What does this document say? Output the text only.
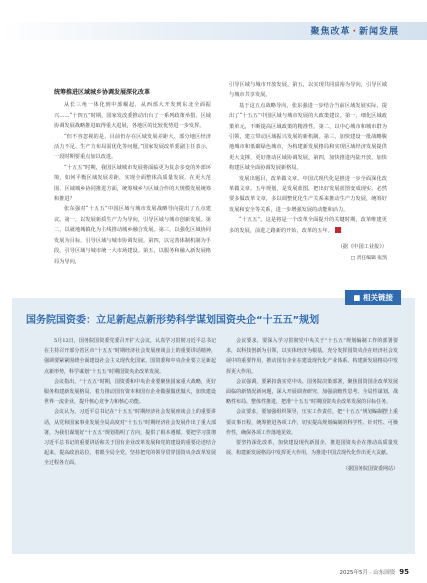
聚焦改革 · 新闻发展

统筹推进区域城乡协调发展深化改革

从长三角一体化到中部崛起，从西部大开发到东北全面振兴……“十四五”时期，国家发改委推动出台了一系列政策举措，区域协调发展战略推进取得重大进展，各地区的比较优势进一步发挥。

“但不容忽视的是，目前仍存在区域发展差距大、部分地区经济活力不足、生产力布局需优化等问题。”国家发展改革委副主任表示，一段时期要重点加以改进。

“十五五”时期，我国区域城市发展将面临更为复杂多变的外部环境，如何平衡区域发展差距，实现全面整体高质量发展，在更大范围、区域城乡协同推进方面，统筹城乡与区域合作的大规模发展统筹和推进？

张东强对“十五五”中国区域与城市发展战略导向提出了五点建议。第一，以发展新质生产力为导向，引导区域与城市创新发展。第二，以就地城镇化为主线推动城乡融合发展。第三，以强化区域协同发展为目标，引导区域与城市协调发展。第四，以完善体制机制为手段，引导区域与城市统一大市场建设。第五，以服务和融入新发展格局为导向，

引导区域与城市开放发展。第五，以实现共同富裕为导向，引导区域与城市共享发展。

基于这五点战略导向，张东强进一步结合当前区域发展实际，提出了“十五五”中国区域与城市发展的大政策建议。第一，细化区域政策单元，不断提高区域政策的精准性。第二，以中心城市和城市群为引领，建立带动区域振兴发展的新机制。第三，加快建设一批战略腹地城市和低碳绿色城市，为构建新发展格局和实现区域经济发展提供更大支撑，更好推动区域协调发展。第四，加快推进内陆开放，加快构建区域全面协调发展新格局。

发展出题目，改革做文章。中国式现代化是推进一步全面深化改革做文章。五年规划，是发展蓝图，把出好发展蓝图变成现实，必然要多做改革文章，多以调整优化生产关系来推动生产力发展，统筹好发展和安全等关系，进一步增强发展的动能和活力。

“十五五”，这是将是一个改革全面提升的关键时期，改革唯建更多的发展，前进之路新的开始，改革的五年。

（据《中国工业报》）

□ 责任编辑 张凯

■ 相关链接
国务院国资委：立足新起点新形势科学谋划国资央企“十五五”规划

5月12日，国务院国资委党委召开扩大会议，认真学习贯彻习近平总书记在主持召开部分省区市“十五五”时期经济社会发展座谈会上的重要讲话精神，强调要紧紧围绕全面建设社会主义现代化国家，国资委和中央企业要立足新起点新形势，科学谋划“十五五”时期国资央企改革发展。

会议指出，“十五五”时期，国资委和中央企业要聚焦国家重大战略，更好服务构建新发展格局，着力推动国有资本和国有企业做强做优做大，加快建设世界一流企业，提升核心竞争力和核心功能。

会议认为，习近平总书记在“十五五”时期经济社会发展座谈会上的重要讲话，从党和国家事业发展全局高度对“十五五”时期经济社会发展作出了重大部署，为我们谋划好“十五五”规划指明了方向，提供了根本遵循。要把学习贯彻习近平总书记的重要讲话和关于国有企业改革发展和党的建设的重要论述结合起来，提高政治站位，着眼全局全党，坚持把党的领导贯穿国资央企改革发展全过程各方面。

会议要求，要深入学习贯彻党中央关于“十五五”规划编制工作的部署要求，以科技创新为引领，以实体经济为根基，充分发挥国资央企在经济社会发展中的重要作用，推动国有企业在建设现代化产业体系、构建新发展格局中发挥更大作用。

会议强调，要紧扣落实党中央、国务院决策部署，聚焦国资国企改革发展面临的新情况新问题，深入开展调查研究，加强前瞻性思考、全局性谋划、战略性布局、整体性推进，把准“十五五”时期国资央企改革发展的目标任务。

会议要求，要加强组织领导，压实工作责任，把“十五五”规划编制摆上重要议事日程，统筹推进各项工作，切实提高规划编制的科学性、针对性、可操作性，确保各项工作落地见效。

要坚持深化改革，加快建设现代新国企，推进国资央企在推动高质量发展、构建新发展格局中发挥更大作用，为推进中国式现代化作出更大贡献。

（据国务院国资委网站）

2025年5月 · 山东国资 95
